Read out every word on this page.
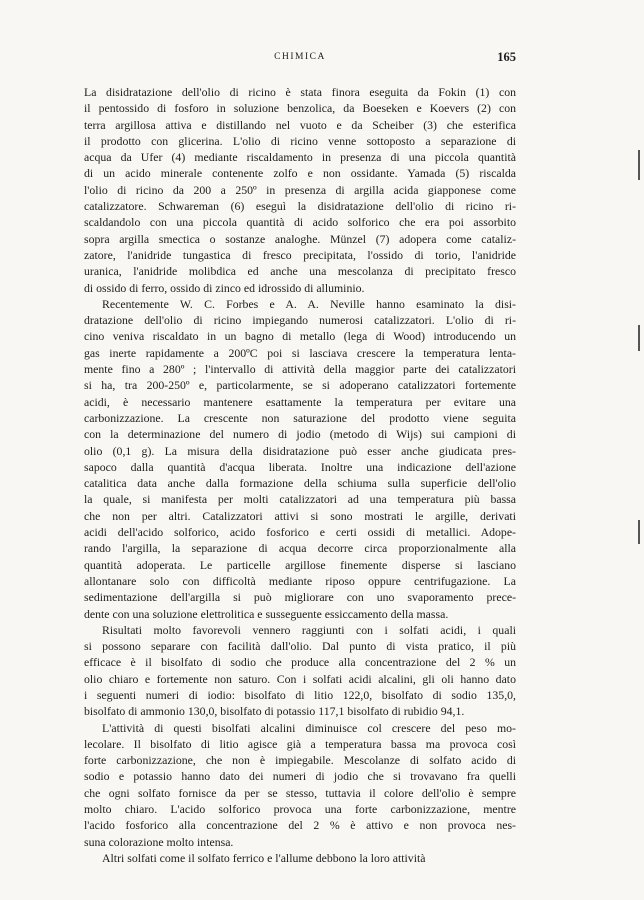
CHIMICA	165

La disidratazione dell'olio di ricino è stata finora eseguita da Fokin (1) con
il pentossido di fosforo in soluzione benzolica, da Boeseken e Koevers (2) con
terra argillosa attiva e distillando nel vuoto e da Scheiber (3) che esterifica
il prodotto con glicerina. L'olio di ricino venne sottoposto a separazione di
acqua da Ufer (4) mediante riscaldamento in presenza di una piccola quantità
di un acido minerale contenente zolfo e non ossidante. Yamada (5) riscalda
l'olio di ricino da 200 a 250º in presenza di argilla acida giapponese come
catalizzatore. Schwareman (6) eseguì la disidratazione dell'olio di ricino ri-
scaldandolo con una piccola quantità di acido solforico che era poi assorbito
sopra argilla smectica o sostanze analoghe. Münzel (7) adopera come cataliz-
zatore, l'anidride tungastica di fresco precipitata, l'ossido di torio, l'anidride
uranica, l'anidride molibdica ed anche una mescolanza di precipitato fresco
di ossido di ferro, ossido di zinco ed idrossido di alluminio.

Recentemente W. C. Forbes e A. A. Neville hanno esaminato la disi-
dratazione dell'olio di ricino impiegando numerosi catalizzatori. L'olio di ri-
cino veniva riscaldato in un bagno di metallo (lega di Wood) introducendo un
gas inerte rapidamente a 200ºC poi si lasciava crescere la temperatura lenta-
mente fino a 280º ; l'intervallo di attività della maggior parte dei catalizzatori
si ha, tra 200-250º e, particolarmente, se si adoperano catalizzatori fortemente
acidi, è necessario mantenere esattamente la temperatura per evitare una
carbonizzazione. La crescente non saturazione del prodotto viene seguita
con la determinazione del numero di jodio (metodo di Wijs) sui campioni di
olio (0,1 g). La misura della disidratazione può esser anche giudicata pres-
sapoco dalla quantità d'acqua liberata. Inoltre una indicazione dell'azione
catalitica data anche dalla formazione della schiuma sulla superficie dell'olio
la quale, si manifesta per molti catalizzatori ad una temperatura più bassa
che non per altri. Catalizzatori attivi si sono mostrati le argille, derivati
acidi dell'acido solforico, acido fosforico e certi ossidi di metallici. Adope-
rando l'argilla, la separazione di acqua decorre circa proporzionalmente alla
quantità adoperata. Le particelle argillose finemente disperse si lasciano
allontanare solo con difficoltà mediante riposo oppure centrifugazione. La
sedimentazione dell'argilla si può migliorare con uno svaporamento prece-
dente con una soluzione elettrolitica e susseguente essiccamento della massa.

Risultati molto favorevoli vennero raggiunti con i solfati acidi, i quali
si possono separare con facilità dall'olio. Dal punto di vista pratico, il più
efficace è il bisolfato di sodio che produce alla concentrazione del 2 % un
olio chiaro e fortemente non saturo. Con i solfati acidi alcalini, gli oli hanno dato
i seguenti numeri di iodio: bisolfato di litio 122,0, bisolfato di sodio 135,0,
bisolfato di ammonio 130,0, bisolfato di potassio 117,1 bisolfato di rubidio 94,1.

L'attività di questi bisolfati alcalini diminuisce col crescere del peso mo-
lecolare. Il bisolfato di litio agisce già a temperatura bassa ma provoca così
forte carbonizzazione, che non è impiegabile. Mescolanze di solfato acido di
sodio e potassio hanno dato dei numeri di jodio che si trovavano fra quelli
che ogni solfato fornisce da per se stesso, tuttavia il colore dell'olio è sempre
molto chiaro. L'acido solforico provoca una forte carbonizzazione, mentre
l'acido fosforico alla concentrazione del 2 % è attivo e non provoca nes-
suna colorazione molto intensa.

Altri solfati come il solfato ferrico e l'allume debbono la loro attività
